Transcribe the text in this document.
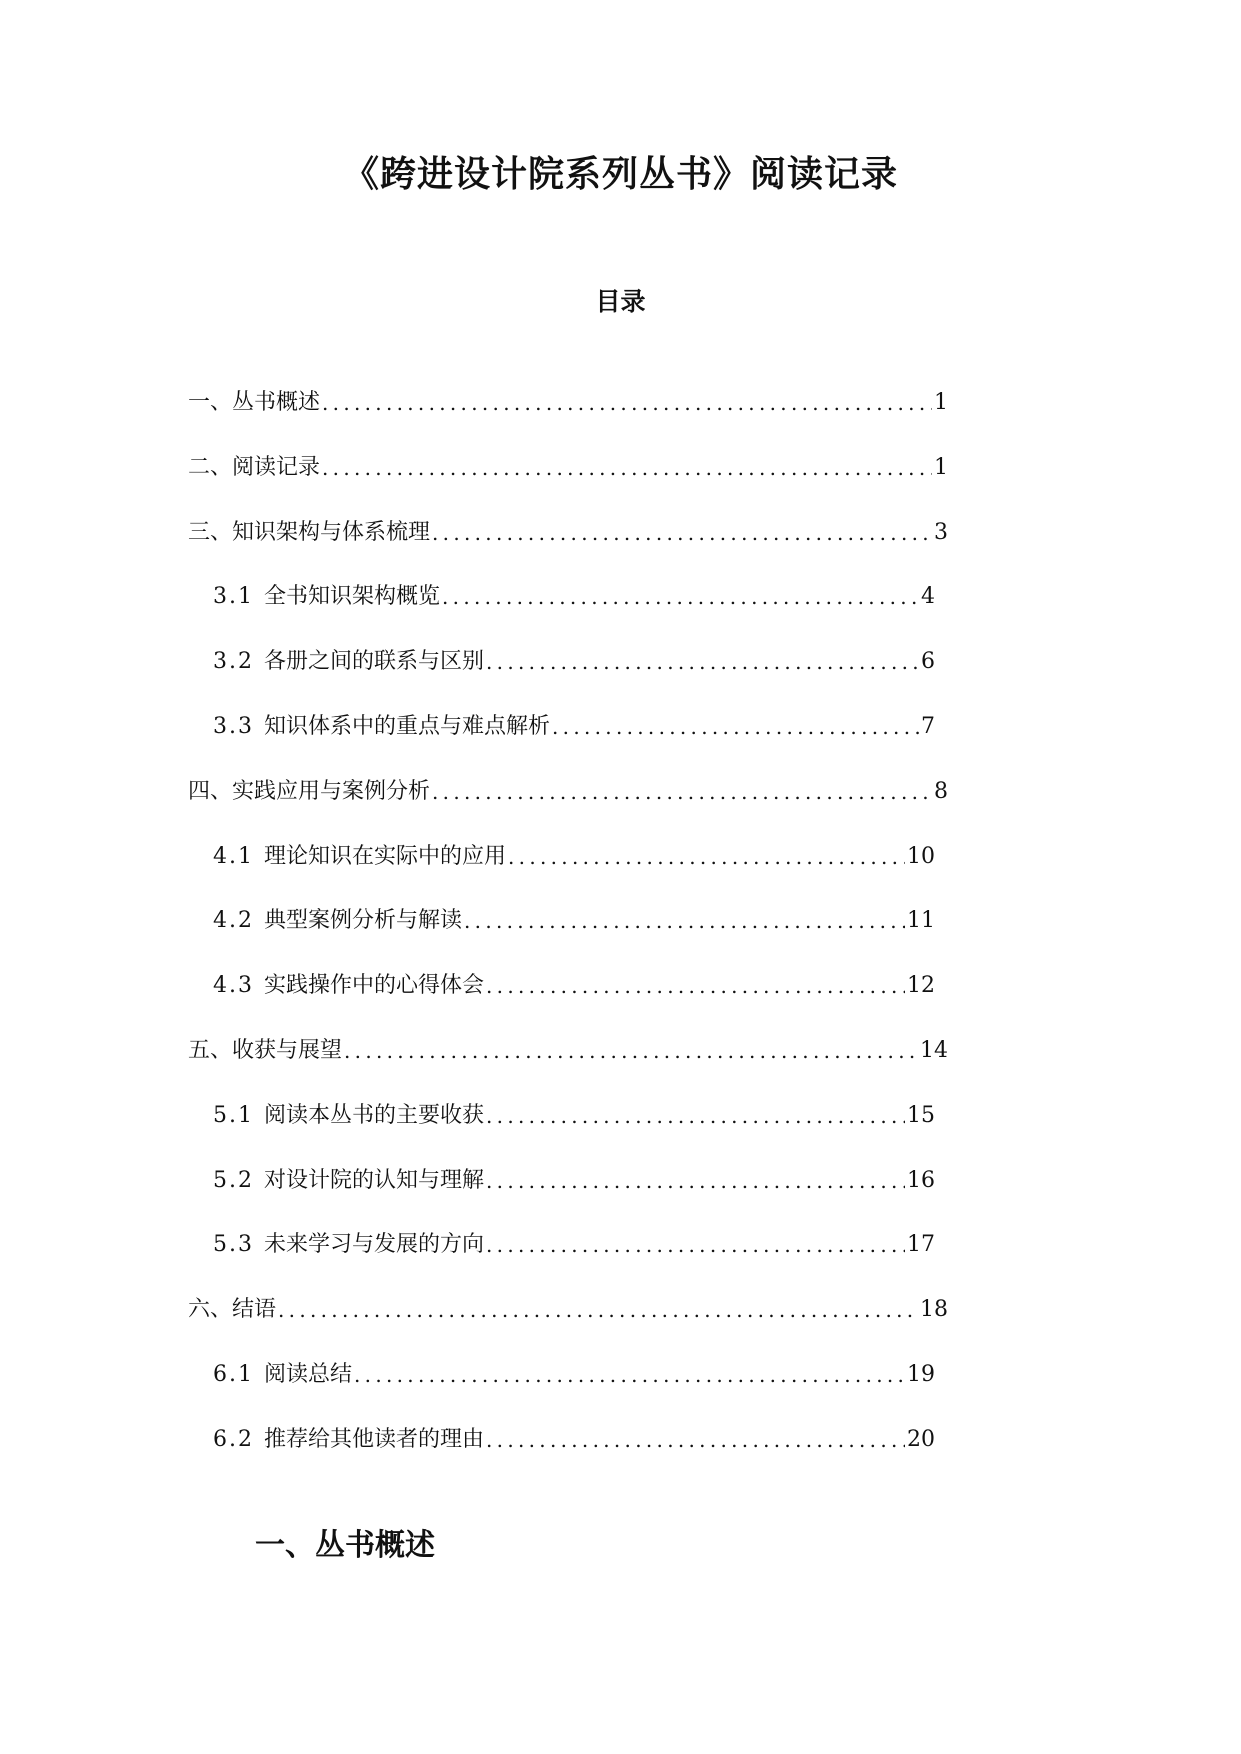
《跨进设计院系列丛书》阅读记录
目录
一、丛书概述 .....	1
二、阅读记录 .....	1
三、知识架构与体系梳理 .....	3
3.1 全书知识架构概览 .....	4
3.2 各册之间的联系与区别 .....	6
3.3 知识体系中的重点与难点解析 .....	7
四、实践应用与案例分析 .....	8
4.1 理论知识在实际中的应用 .....	10
4.2 典型案例分析与解读 .....	11
4.3 实践操作中的心得体会 .....	12
五、收获与展望 .....	14
5.1 阅读本丛书的主要收获 .....	15
5.2 对设计院的认知与理解 .....	16
5.3 未来学习与发展的方向 .....	17
六、结语 .....	18
6.1 阅读总结 .....	19
6.2 推荐给其他读者的理由 .....	20
一、丛书概述
